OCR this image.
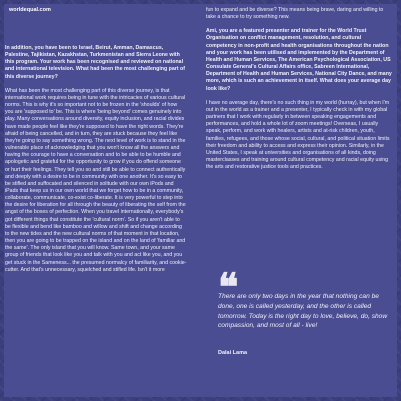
worldequal.com

In addition, you have been to Israel, Beirut, Amman, Damascus, Palestine, Tajikistan, Kazakhstan, Turkmenistan and Sierra Leone with this program. Your work has been recognised and reviewed on national and international television. What had been the most challenging part of this diverse journey?

What has been the most challenging part of this diverse journey, is that international work requires being in tune with the intricacies of various cultural norms. This is why it's so important not to be frozen in the 'shoulds' of how you are 'supposed to' be. This is where 'being beyond' comes genuinely into play. Many conversations around diversity, equity inclusion, and racial divides have made people feel like they're supposed to have the right words. They're afraid of being cancelled, and in turn, they are stuck because they feel like they're going to say something wrong. The next level of work is to stand in the vulnerable place of acknowledging that you won't know all the answers and having the courage to have a conversation and to be able to be humble and apologetic and grateful for the opportunity to grow if you do offend someone or hurt their feelings. They tell you so and still be able to connect authentically and deeply with a desire to be in community with one another. It's so easy to be stifled and suffocated and silenced in solitude with our own iPods and iPads that keep us in our own world that we forget how to be in a community, collaborate, communicate, co-exist co-liberate. It is very powerful to step into the desire for liberation for all through the beauty of liberating the self from the angst of the boxes of perfection. When you travel internationally, everybody's got different things that constitute the 'cultural norm'. So if you aren't able to be flexible and bend like bamboo and willow and shift and change according to the new tides and the new cultural norms of that moment in that location, then you are going to be trapped on the island and on the land of 'familiar and the same'. The only island that you will know. Same town, and your same group of friends that look like you and talk with you and act like you, and you get stuck in the Sameness... the presumed normalcy of familiarity, and cookie-cutter. And that's unnecessary, squelched and stifled life. Isn't it more

fun to expand and be diverse? This means being brave, daring and willing to take a chance to try something new.

Ami, you are a featured presenter and trainer for the World Trust Organisation on conflict management, resolution, and cultural competency in non-profit and health organisations throughout the nation and your work has been utilised and implemented by the Department of Health and Human Services, The American Psychological Association, US Consulate General's Cultural Affairs office, Sabreen International, Department of Health and Human Services, National City Dance, and many more, which is such an achievement in itself. What does your average day look like?

I have no average day, there's no such thing in my world (hurray), but when I'm out in the world as a trainer and a presenter, I typically check in with my global partners that I work with regularly in between speaking engagements and performances, and hold a whole lot of zoom meetings! Overseas, I usually speak, perform, and work with healers, artists and at-risk children, youth, families, refugees, and those whose social, cultural, and political situation limits their freedom and ability to access and express their opinion. Similarly, in the United States, I speak at universities and organisations of all kinds, doing masterclasses and training around cultural competency and racial equity using the arts and restorative justice tools and practices.

❝
There are only two days in the year that nothing can be done, one is called yesterday, and the other is called tomorrow. Today is the right day to love, believe, do, show compassion, and most of all - live!
Dalai Lama
